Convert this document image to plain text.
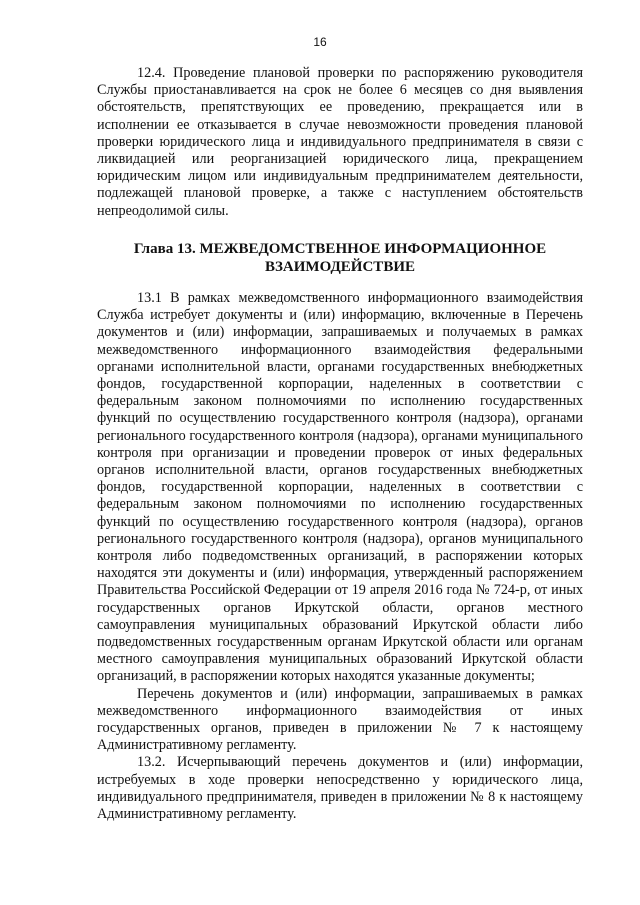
16

12.4. Проведение плановой проверки по распоряжению руководителя Службы приостанавливается на срок не более 6 месяцев со дня выявления обстоятельств, препятствующих ее проведению, прекращается или в исполнении ее отказывается в случае невозможности проведения плановой проверки юридического лица и индивидуального предпринимателя в связи с ликвидацией или реорганизацией юридического лица, прекращением юридическим лицом или индивидуальным предпринимателем деятельности, подлежащей плановой проверке, а также с наступлением обстоятельств непреодолимой силы.

Глава 13. МЕЖВЕДОМСТВЕННОЕ ИНФОРМАЦИОННОЕ
ВЗАИМОДЕЙСТВИЕ

13.1 В рамках межведомственного информационного взаимодействия Служба истребует документы и (или) информацию, включенные в Перечень документов и (или) информации, запрашиваемых и получаемых в рамках межведомственного информационного взаимодействия федеральными органами исполнительной власти, органами государственных внебюджетных фондов, государственной корпорации, наделенных в соответствии с федеральным законом полномочиями по исполнению государственных функций по осуществлению государственного контроля (надзора), органами регионального государственного контроля (надзора), органами муниципального контроля при организации и проведении проверок от иных федеральных органов исполнительной власти, органов государственных внебюджетных фондов, государственной корпорации, наделенных в соответствии с федеральным законом полномочиями по исполнению государственных функций по осуществлению государственного контроля (надзора), органов регионального государственного контроля (надзора), органов муниципального контроля либо подведомственных организаций, в распоряжении которых находятся эти документы и (или) информация, утвержденный распоряжением Правительства Российской Федерации от 19 апреля 2016 года № 724-р, от иных государственных органов Иркутской области, органов местного самоуправления муниципальных образований Иркутской области либо подведомственных государственным органам Иркутской области или органам местного самоуправления муниципальных образований Иркутской области организаций, в распоряжении которых находятся указанные документы;

Перечень документов и (или) информации, запрашиваемых в рамках межведомственного информационного взаимодействия от иных государственных органов, приведен в приложении № 7 к настоящему Административному регламенту.

13.2. Исчерпывающий перечень документов и (или) информации, истребуемых в ходе проверки непосредственно у юридического лица, индивидуального предпринимателя, приведен в приложении № 8 к настоящему Административному регламенту.
